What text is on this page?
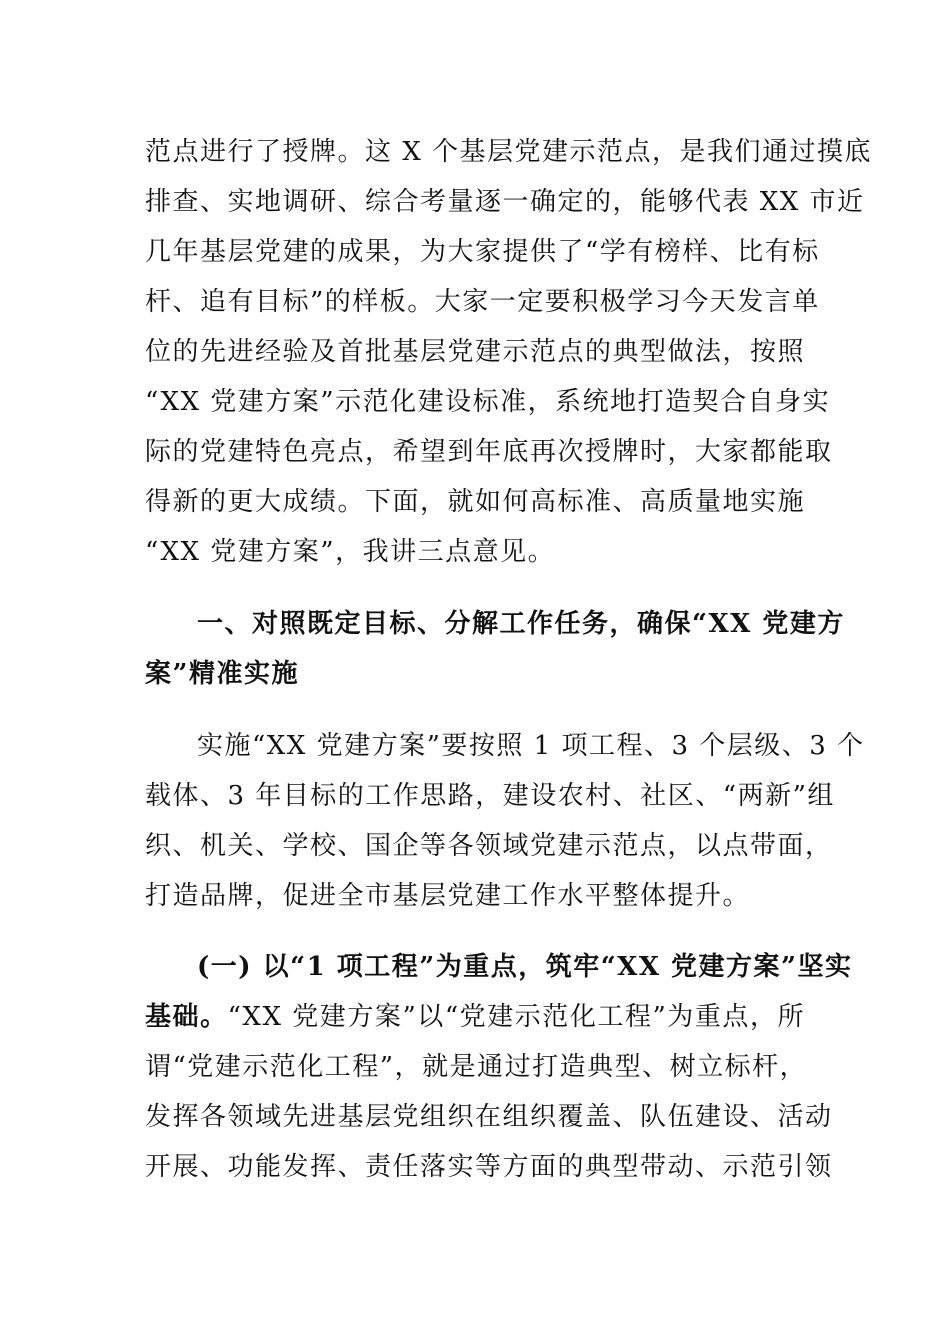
范点进行了授牌。这 X 个基层党建示范点，是我们通过摸底
排查、实地调研、综合考量逐一确定的，能够代表 XX 市近
几年基层党建的成果，为大家提供了“学有榜样、比有标
杆、追有目标”的样板。大家一定要积极学习今天发言单
位的先进经验及首批基层党建示范点的典型做法，按照
“XX 党建方案”示范化建设标准，系统地打造契合自身实
际的党建特色亮点，希望到年底再次授牌时，大家都能取
得新的更大成绩。下面，就如何高标准、高质量地实施
“XX 党建方案”，我讲三点意见。
一、对照既定目标、分解工作任务，确保“XX 党建方
案”精准实施
实施“XX 党建方案”要按照 1 项工程、3 个层级、3 个
载体、3 年目标的工作思路，建设农村、社区、“两新”组
织、机关、学校、国企等各领域党建示范点，以点带面，
打造品牌，促进全市基层党建工作水平整体提升。
(一) 以“1 项工程”为重点，筑牢“XX 党建方案”坚实
基础。“XX 党建方案”以“党建示范化工程”为重点，所
谓“党建示范化工程”，就是通过打造典型、树立标杆，
发挥各领域先进基层党组织在组织覆盖、队伍建设、活动
开展、功能发挥、责任落实等方面的典型带动、示范引领
